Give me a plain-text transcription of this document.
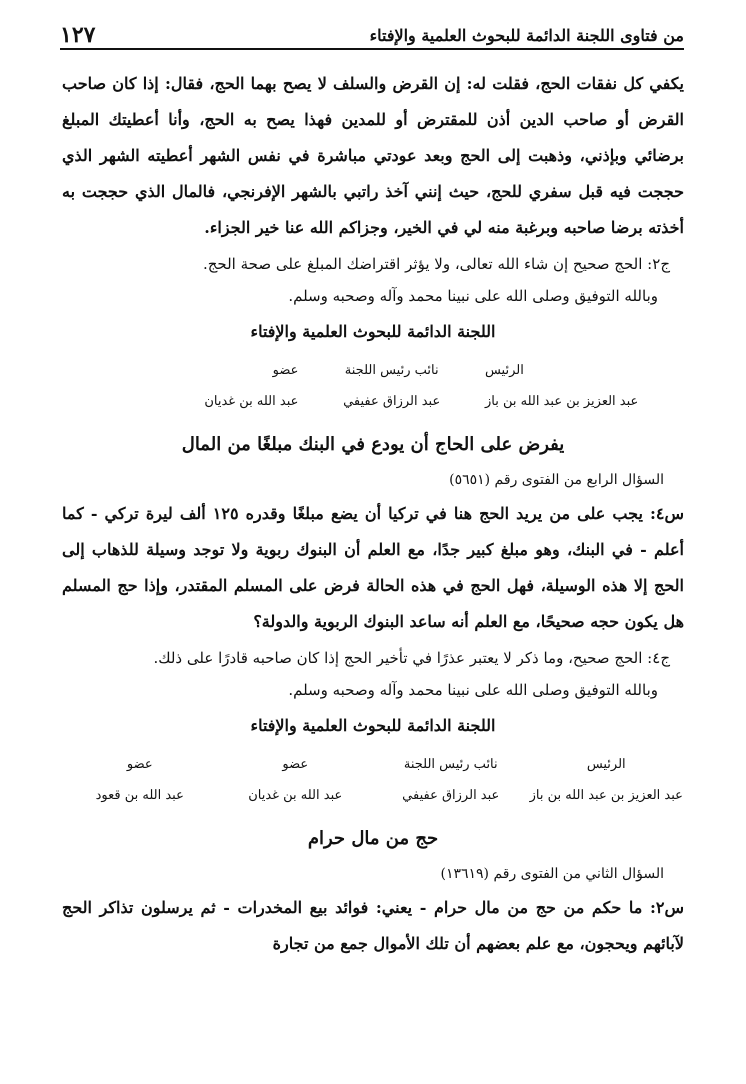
من فتاوى اللجنة الدائمة للبحوث العلمية والإفتاء
١٢٧

يكفي كل نفقات الحج، فقلت له: إن القرض والسلف لا يصح بهما الحج، فقال: إذا كان صاحب القرض أو صاحب الدين أذن للمقترض أو للمدين فهذا يصح به الحج، وأنا أعطيتك المبلغ برضائي وبإذني، وذهبت إلى الحج وبعد عودتي مباشرة في نفس الشهر أعطيته الشهر الذي حججت فيه قبل سفري للحج، حيث إنني آخذ راتبي بالشهر الإفرنجي، فالمال الذي حججت به أخذته برضا صاحبه وبرغبة منه لي في الخير، وجزاكم الله عنا خير الجزاء.

ج٢: الحج صحيح إن شاء الله تعالى، ولا يؤثر اقتراضك المبلغ على صحة الحج.

وبالله التوفيق وصلى الله على نبينا محمد وآله وصحبه وسلم.

اللجنة الدائمة للبحوث العلمية والإفتاء
الرئيس
عبد العزيز بن عبد الله بن باز
نائب رئيس اللجنة
عبد الرزاق عفيفي
عضو
عبد الله بن غديان
يفرض على الحاج أن يودع في البنك مبلغًا من المال

السؤال الرابع من الفتوى رقم (٥٦٥١)

س٤: يجب على من يريد الحج هنا في تركيا أن يضع مبلغًا وقدره ١٢٥ ألف ليرة تركي - كما أعلم - في البنك، وهو مبلغ كبير جدًا، مع العلم أن البنوك ربوية ولا توجد وسيلة للذهاب إلى الحج إلا هذه الوسيلة، فهل الحج في هذه الحالة فرض على المسلم المقتدر، وإذا حج المسلم هل يكون حجه صحيحًا، مع العلم أنه ساعد البنوك الربوية والدولة؟

ج٤: الحج صحيح، وما ذكر لا يعتبر عذرًا في تأخير الحج إذا كان صاحبه قادرًا على ذلك.

وبالله التوفيق وصلى الله على نبينا محمد وآله وصحبه وسلم.

اللجنة الدائمة للبحوث العلمية والإفتاء
الرئيس
عبد العزيز بن عبد الله بن باز
نائب رئيس اللجنة
عبد الرزاق عفيفي
عضو
عبد الله بن غديان
عضو
عبد الله بن قعود
حج من مال حرام

السؤال الثاني من الفتوى رقم (١٣٦١٩)

س٢: ما حكم من حج من مال حرام - يعني: فوائد بيع المخدرات - ثم يرسلون تذاكر الحج لآبائهم ويحجون، مع علم بعضهم أن تلك الأموال جمع من تجارة
